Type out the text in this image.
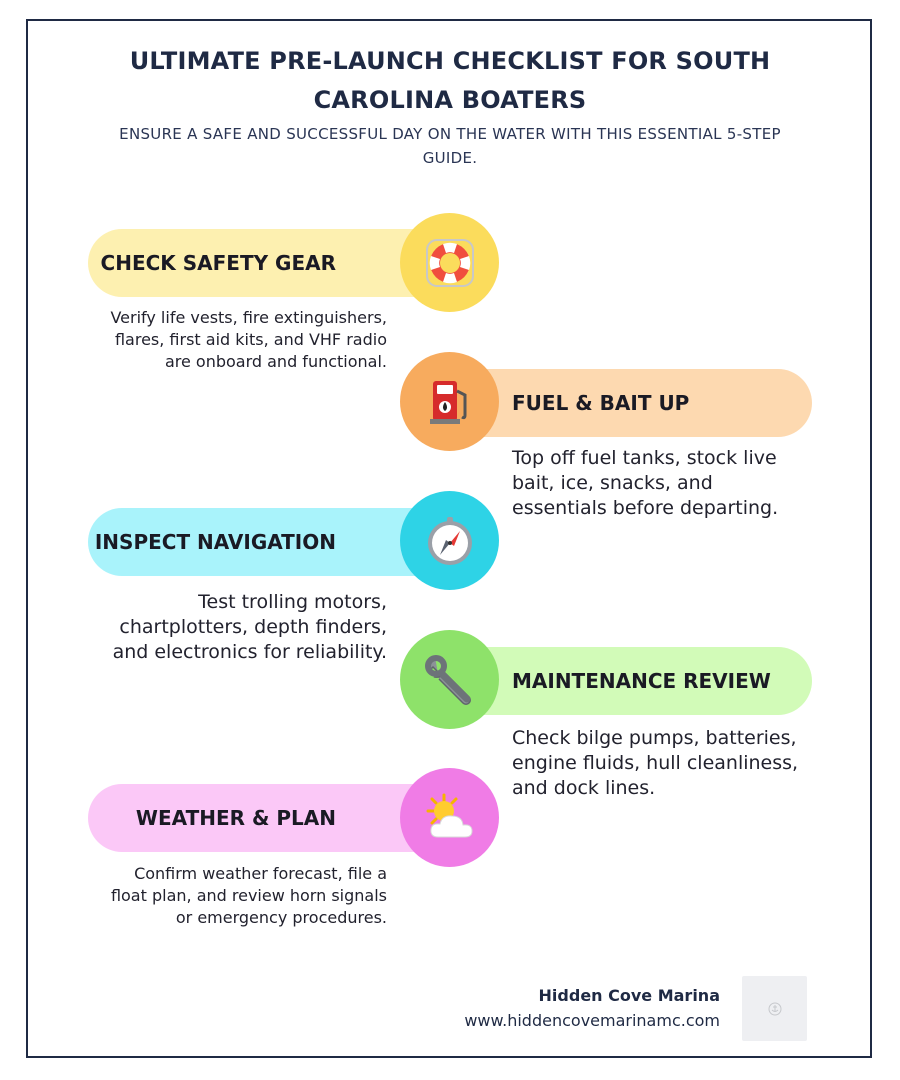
ULTIMATE PRE-LAUNCH CHECKLIST FOR SOUTH CAROLINA BOATERS
ENSURE A SAFE AND SUCCESSFUL DAY ON THE WATER WITH THIS ESSENTIAL 5-STEP GUIDE.
CHECK SAFETY GEAR
Verify life vests, fire extinguishers, flares, first aid kits, and VHF radio are onboard and functional.
FUEL & BAIT UP
Top off fuel tanks, stock live bait, ice, snacks, and essentials before departing.
INSPECT NAVIGATION
Test trolling motors, chartplotters, depth finders, and electronics for reliability.
MAINTENANCE REVIEW
Check bilge pumps, batteries, engine fluids, hull cleanliness, and dock lines.
WEATHER & PLAN
Confirm weather forecast, file a float plan, and review horn signals or emergency procedures.
Hidden Cove Marina
www.hiddencovemarinamc.com
